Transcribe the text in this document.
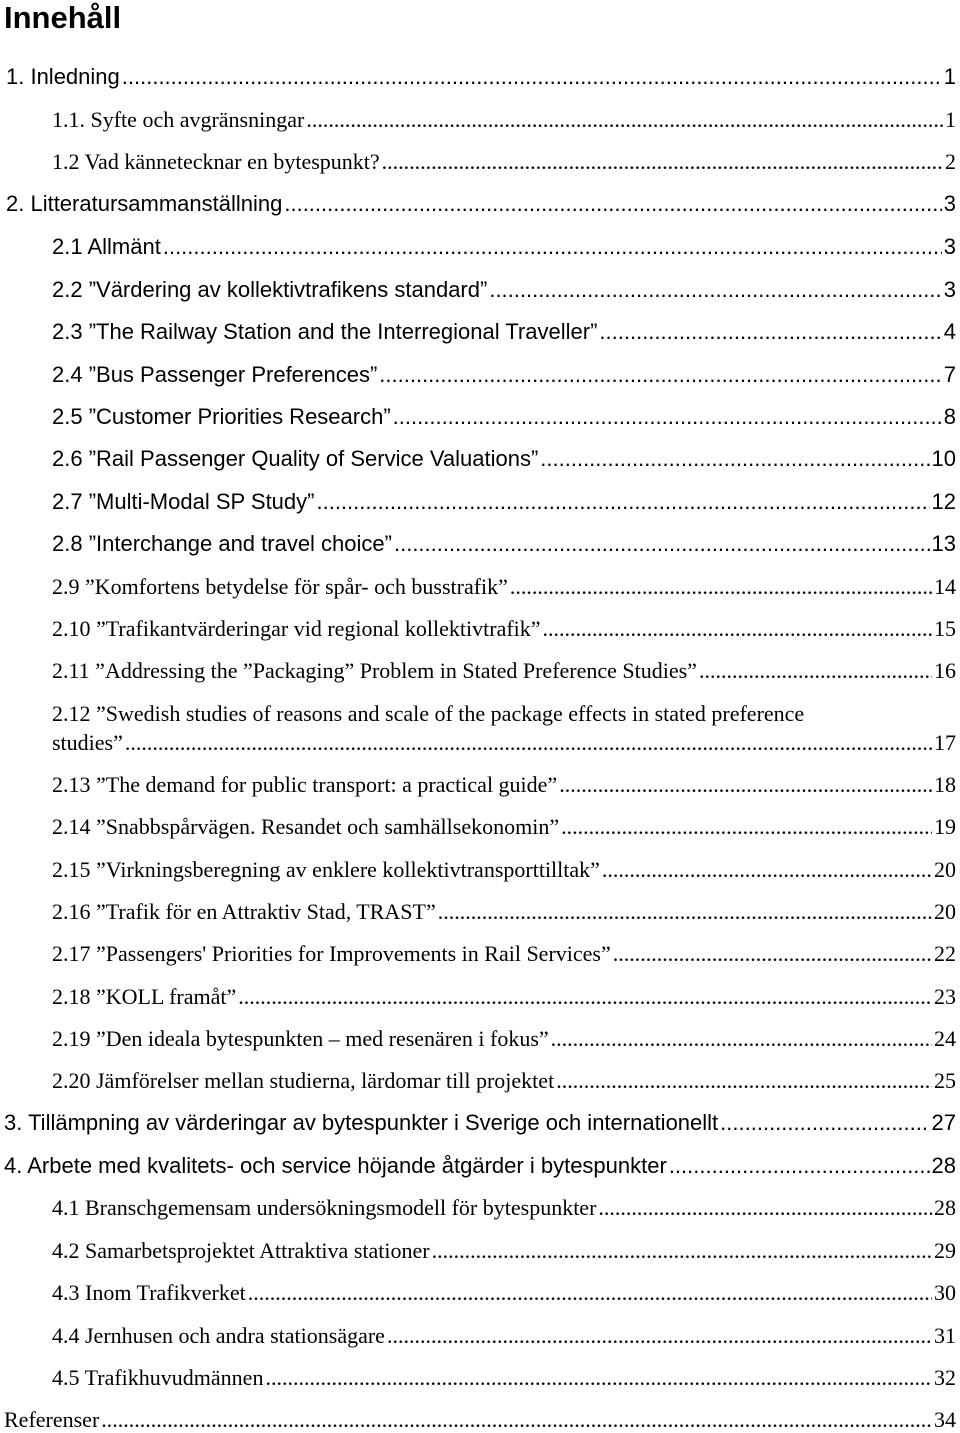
Innehåll
1. Inledning .....	1
1.1. Syfte och avgränsningar .....	1
1.2 Vad kännetecknar en bytespunkt? .....	2
2. Litteratursammanställning .....	3
2.1 Allmänt .....	3
2.2 ”Värdering av kollektivtrafikens standard” .....	3
2.3 ”The Railway Station and the Interregional Traveller” .....	4
2.4 ”Bus Passenger Preferences” .....	7
2.5 ”Customer Priorities Research” .....	8
2.6 ”Rail Passenger Quality of Service Valuations” .....	10
2.7 ”Multi-Modal SP Study” .....	12
2.8 ”Interchange and travel choice” .....	13
2.9 ”Komfortens betydelse för spår- och busstrafik” .....	14
2.10 ”Trafikantvärderingar vid regional kollektivtrafik” .....	15
2.11 ”Addressing the ”Packaging” Problem in Stated Preference Studies” .....	16
2.12 ”Swedish studies of reasons and scale of the package effects in stated preference
studies” .....	17
2.13 ”The demand for public transport: a practical guide” .....	18
2.14 ”Snabbspårvägen. Resandet och samhällsekonomin” .....	19
2.15 ”Virkningsberegning av enklere kollektivtransporttilltak” .....	20
2.16 ”Trafik för en Attraktiv Stad, TRAST” .....	20
2.17 ”Passengers' Priorities for Improvements in Rail Services” .....	22
2.18 ”KOLL framåt” .....	23
2.19 ”Den ideala bytespunkten – med resenären i fokus” .....	24
2.20 Jämförelser mellan studierna, lärdomar till projektet .....	25
3. Tillämpning av värderingar av bytespunkter i Sverige och internationellt .....	27
4. Arbete med kvalitets- och service höjande åtgärder i bytespunkter .....	28
4.1 Branschgemensam undersökningsmodell för bytespunkter .....	28
4.2 Samarbetsprojektet Attraktiva stationer .....	29
4.3 Inom Trafikverket .....	30
4.4 Jernhusen och andra stationsägare .....	31
4.5 Trafikhuvudmännen .....	32
Referenser .....	34
